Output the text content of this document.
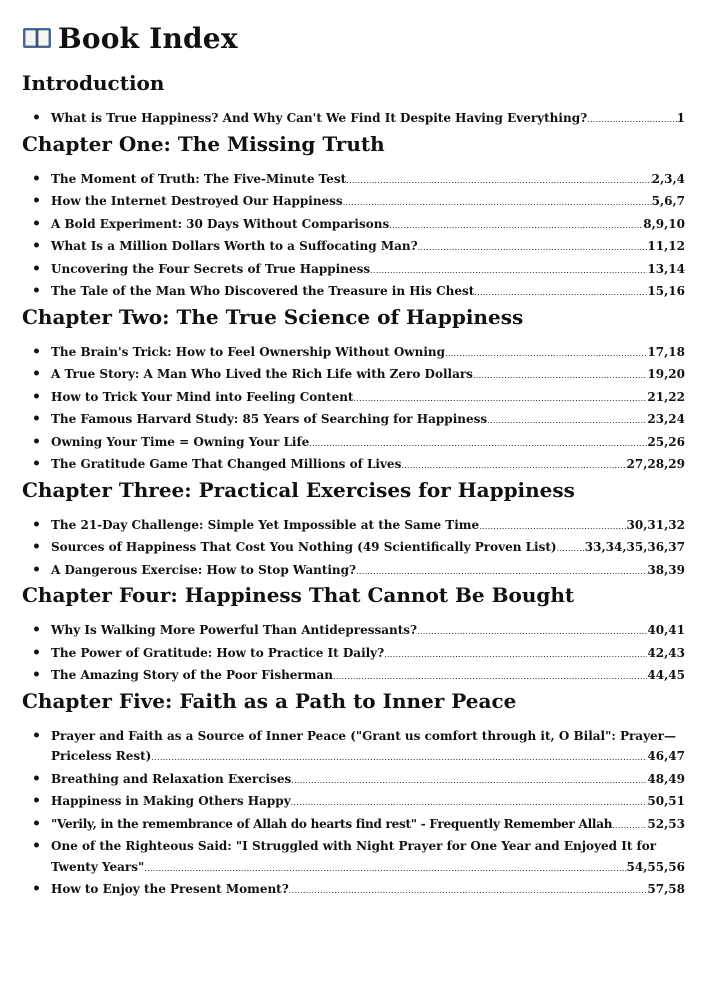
Book Index
Introduction
• What is True Happiness? And Why Can't We Find It Despite Having Everything? .....	1
Chapter One: The Missing Truth
• The Moment of Truth: The Five-Minute Test .....	2,3,4
• How the Internet Destroyed Our Happiness .....	5,6,7
• A Bold Experiment: 30 Days Without Comparisons .....	8,9,10
• What Is a Million Dollars Worth to a Suffocating Man? .....	11,12
• Uncovering the Four Secrets of True Happiness .....	13,14
• The Tale of the Man Who Discovered the Treasure in His Chest .....	15,16
Chapter Two: The True Science of Happiness
• The Brain's Trick: How to Feel Ownership Without Owning .....	17,18
• A True Story: A Man Who Lived the Rich Life with Zero Dollars .....	19,20
• How to Trick Your Mind into Feeling Content .....	21,22
• The Famous Harvard Study: 85 Years of Searching for Happiness .....	23,24
• Owning Your Time = Owning Your Life .....	25,26
• The Gratitude Game That Changed Millions of Lives .....	27,28,29
Chapter Three: Practical Exercises for Happiness
• The 21-Day Challenge: Simple Yet Impossible at the Same Time .....	30,31,32
• Sources of Happiness That Cost You Nothing (49 Scientifically Proven List) ..... 33,34,35,36,37
• A Dangerous Exercise: How to Stop Wanting? .....	38,39
Chapter Four: Happiness That Cannot Be Bought
• Why Is Walking More Powerful Than Antidepressants? .....	40,41
• The Power of Gratitude: How to Practice It Daily? .....	42,43
• The Amazing Story of the Poor Fisherman .....	44,45
Chapter Five: Faith as a Path to Inner Peace
• Prayer and Faith as a Source of Inner Peace ("Grant us comfort through it, O Bilal": Prayer—
Priceless Rest) .....	46,47
• Breathing and Relaxation Exercises .....	48,49
• Happiness in Making Others Happy .....	50,51
• "Verily, in the remembrance of Allah do hearts find rest" - Frequently Remember Allah .....	52,53
• One of the Righteous Said: "I Struggled with Night Prayer for One Year and Enjoyed It for
Twenty Years" .....	54,55,56
• How to Enjoy the Present Moment? .....	57,58
